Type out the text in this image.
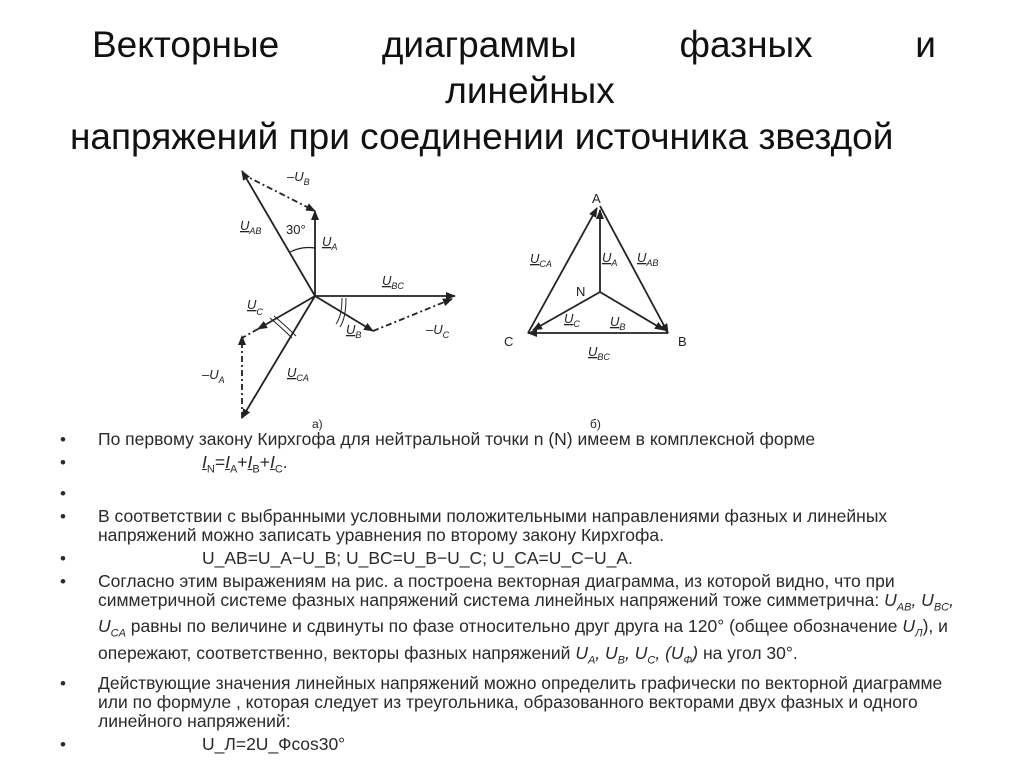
Векторные	диаграммы	фазных	и
линейных
напряжений при соединении источника звездой
$-U_B$
$U_{AB}$ 30°
$U_A$
$U_{BC}$
$U_C$
$U_B$	$-U_C$
$-U_A$	$U_{CA}$
а)
A
B
C
N
$U_{CA}$	$U_A$ $U_{AB}$
$U_C$ $U_B$
$U_{BC}$
б)
• По первому закону Кирхгофа для нейтральной точки n (N) имеем в комплексной форме
• $I_N=I_A+I_B+I_C$.
•
• В соответствии с выбранными условными положительными направлениями фазных и линейных напряжений можно записать уравнения по второму закону Кирхгофа.
• U_AB=U_A−U_B; U_BC=U_B−U_C; U_CA=U_C−U_A.
• Согласно этим выражениям на рис. а построена векторная диаграмма, из которой видно, что при симметричной системе фазных напряжений система линейных напряжений тоже симметрична: $U_{AB}$, $U_{BC}$, $U_{CA}$ равны по величине и сдвинуты по фазе относительно друг друга на 120° (общее обозначение $U_Л$), и опережают, соответственно, векторы фазных напряжений $U_A$, $U_B$, $U_C$, $(U_Ф)$ на угол 30°.
• Действующие значения линейных напряжений можно определить графически по векторной диаграмме или по формуле , которая следует из треугольника, образованного векторами двух фазных и одного линейного напряжений:
• U_Л=2U_Фcos30°
